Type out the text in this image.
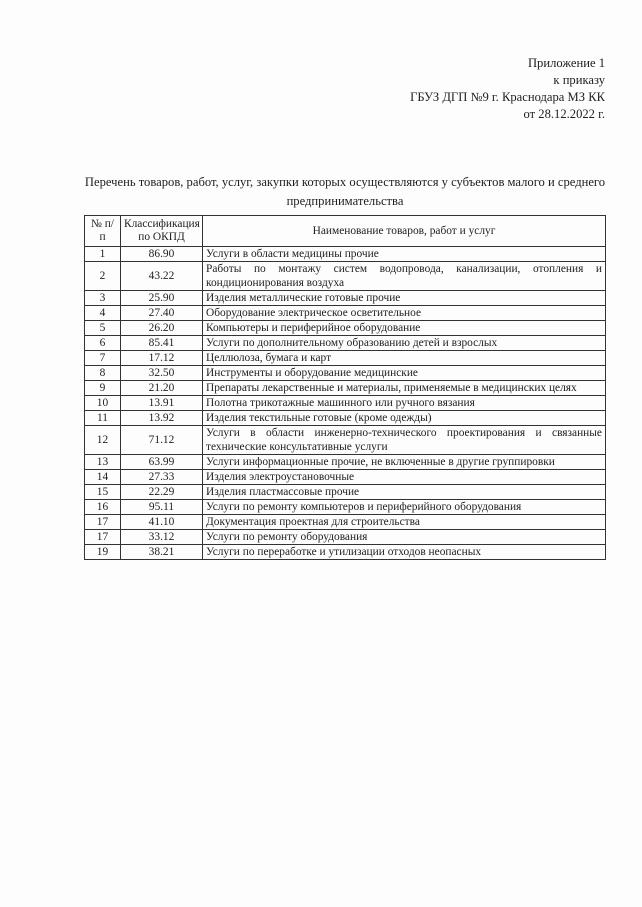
Приложение 1
к приказу
ГБУЗ ДГП №9 г. Краснодара МЗ КК
от 28.12.2022 г.
Перечень товаров, работ, услуг, закупки которых осуществляются у субъектов малого и среднего предпринимательства
№ п/п	Классификация по ОКПД	Наименование товаров, работ и услуг
1	86.90	Услуги в области медицины прочие
2	43.22	Работы по монтажу систем водопровода, канализации, отопления и кондиционирования воздуха
3	25.90	Изделия металлические готовые прочие
4	27.40	Оборудование электрическое осветительное
5	26.20	Компьютеры и периферийное оборудование
6	85.41	Услуги по дополнительному образованию детей и взрослых
7	17.12	Целлюлоза, бумага и карт
8	32.50	Инструменты и оборудование медицинские
9	21.20	Препараты лекарственные и материалы, применяемые в медицинских целях
10	13.91	Полотна трикотажные машинного или ручного вязания
11	13.92	Изделия текстильные готовые (кроме одежды)
12	71.12	Услуги в области инженерно-технического проектирования и связанные технические консультативные услуги
13	63.99	Услуги информационные прочие, не включенные в другие группировки
14	27.33	Изделия электроустановочные
15	22.29	Изделия пластмассовые прочие
16	95.11	Услуги по ремонту компьютеров и периферийного оборудования
17	41.10	Документация проектная для строительства
17	33.12	Услуги по ремонту оборудования
19	38.21	Услуги по переработке и утилизации отходов неопасных
